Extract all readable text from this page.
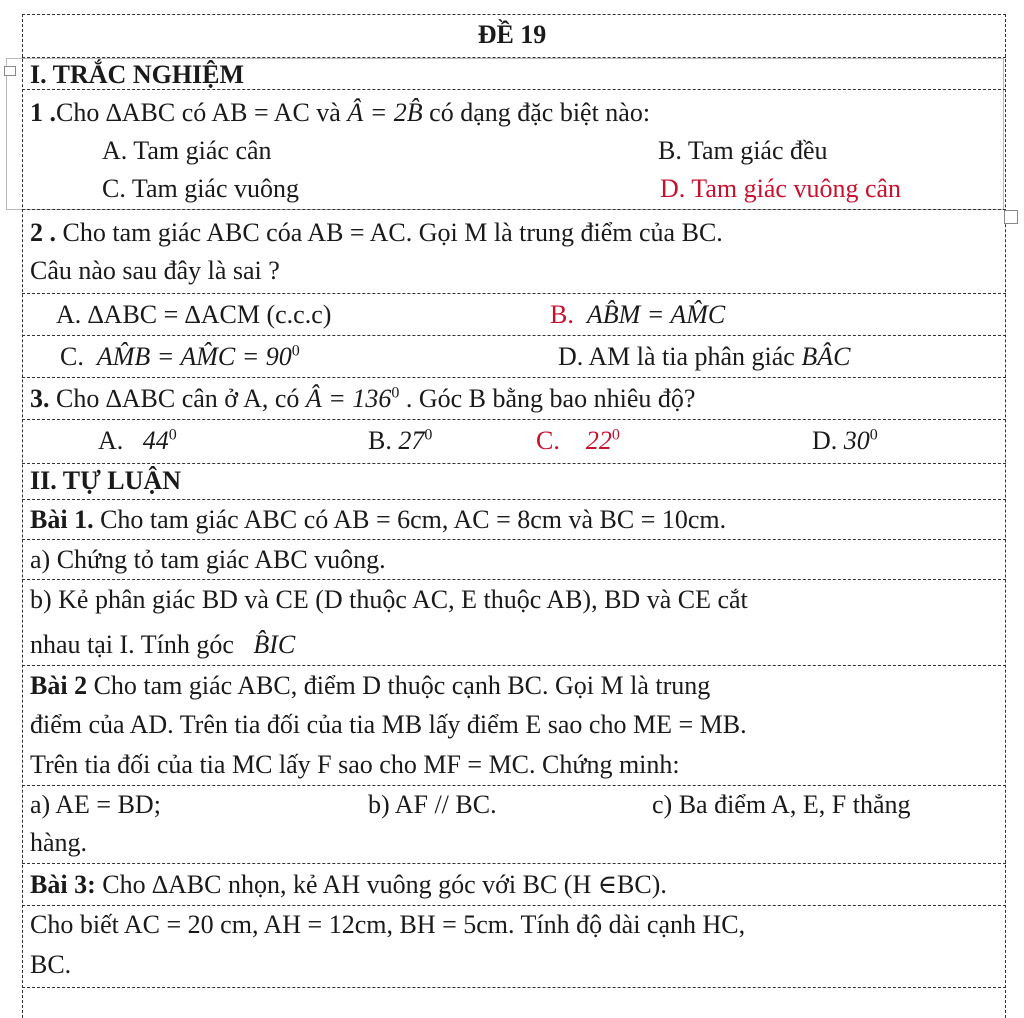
ĐỀ 19
I. TRẮC NGHIỆM
1 .Cho ∆ABC có AB = AC và Â = 2B̂ có dạng đặc biệt nào:
A. Tam giác cân	B. Tam giác đều
C. Tam giác vuông	D. Tam giác vuông cân
2 . Cho tam giác ABC cóa AB = AC. Gọi M là trung điểm của BC.
Câu nào sau đây là sai ?
A. ∆ABC = ∆ACM (c.c.c)	B. AB̂M = AM̂C
C. AM̂B = AM̂C = $90^0$	D. AM là tia phân giác BÂC
3. Cho ∆ABC cân ở A, có Â = $136^0$ . Góc B bằng bao nhiêu độ?
A. $44^0$	B. $27^0$	C. $22^0$	D. $30^0$
II. TỰ LUẬN
Bài 1. Cho tam giác ABC có AB = 6cm, AC = 8cm và BC = 10cm.
a) Chứng tỏ tam giác ABC vuông.
b) Kẻ phân giác BD và CE (D thuộc AC, E thuộc AB), BD và CE cắt
nhau tại I. Tính góc   B̂IC
Bài 2 Cho tam giác ABC, điểm D thuộc cạnh BC. Gọi M là trung
điểm của AD. Trên tia đối của tia MB lấy điểm E sao cho ME = MB.
Trên tia đối của tia MC lấy F sao cho MF = MC. Chứng minh:
a) AE = BD;	b) AF // BC.	c) Ba điểm A, E, F thẳng
hàng.
Bài 3: Cho ∆ABC nhọn, kẻ AH vuông góc với BC (H ∈BC).
Cho biết AC = 20 cm, AH = 12cm, BH = 5cm. Tính độ dài cạnh HC,
BC.
